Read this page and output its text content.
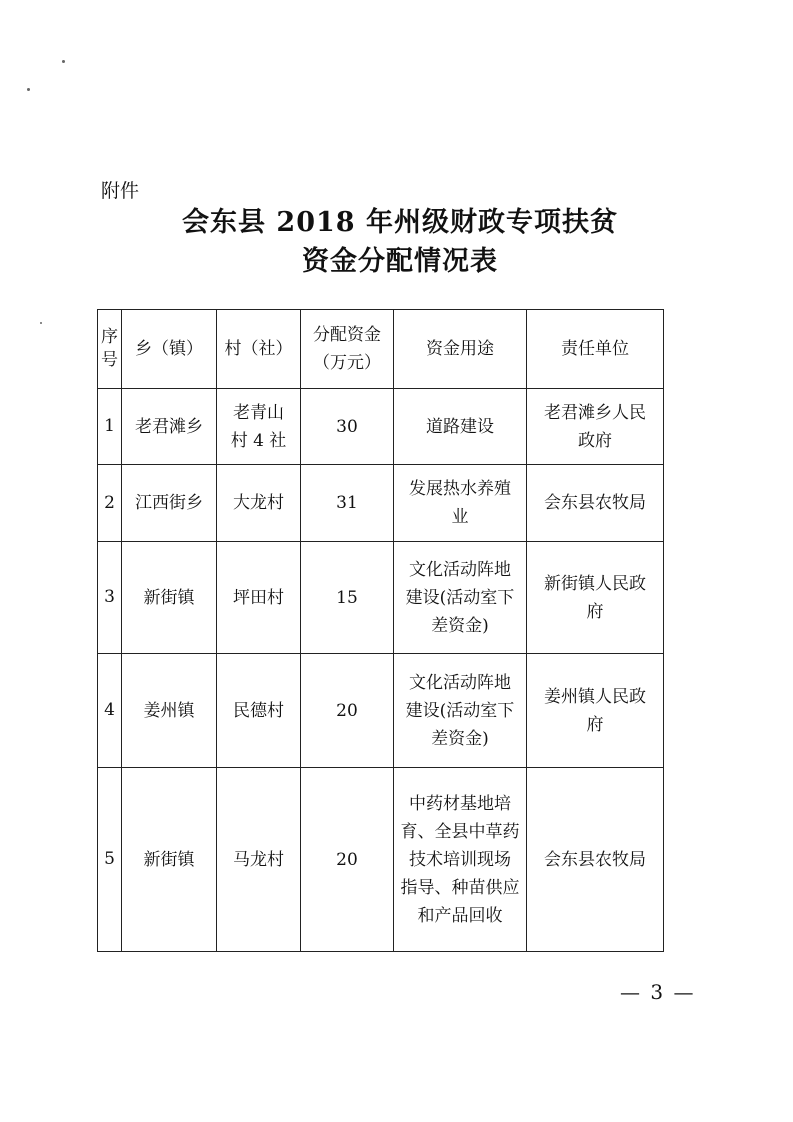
附件
会东县 2018 年州级财政专项扶贫
资金分配情况表
序
号	乡（镇）	村（社）	分配资金
（万元）	资金用途	责任单位
1	老君滩乡	老青山
村 4 社	30	道路建设	老君滩乡人民
政府

2	江西街乡	大龙村	31	发展热水养殖
业	会东县农牧局

3	新街镇	坪田村	15	文化活动阵地
建设(活动室下
差资金)	新街镇人民政
府

4	姜州镇	民德村	20	文化活动阵地
建设(活动室下
差资金)	姜州镇人民政
府

5	新街镇	马龙村	20	中药材基地培
育、全县中草药
技术培训现场
指导、种苗供应
和产品回收	会东县农牧局
— 3 —
